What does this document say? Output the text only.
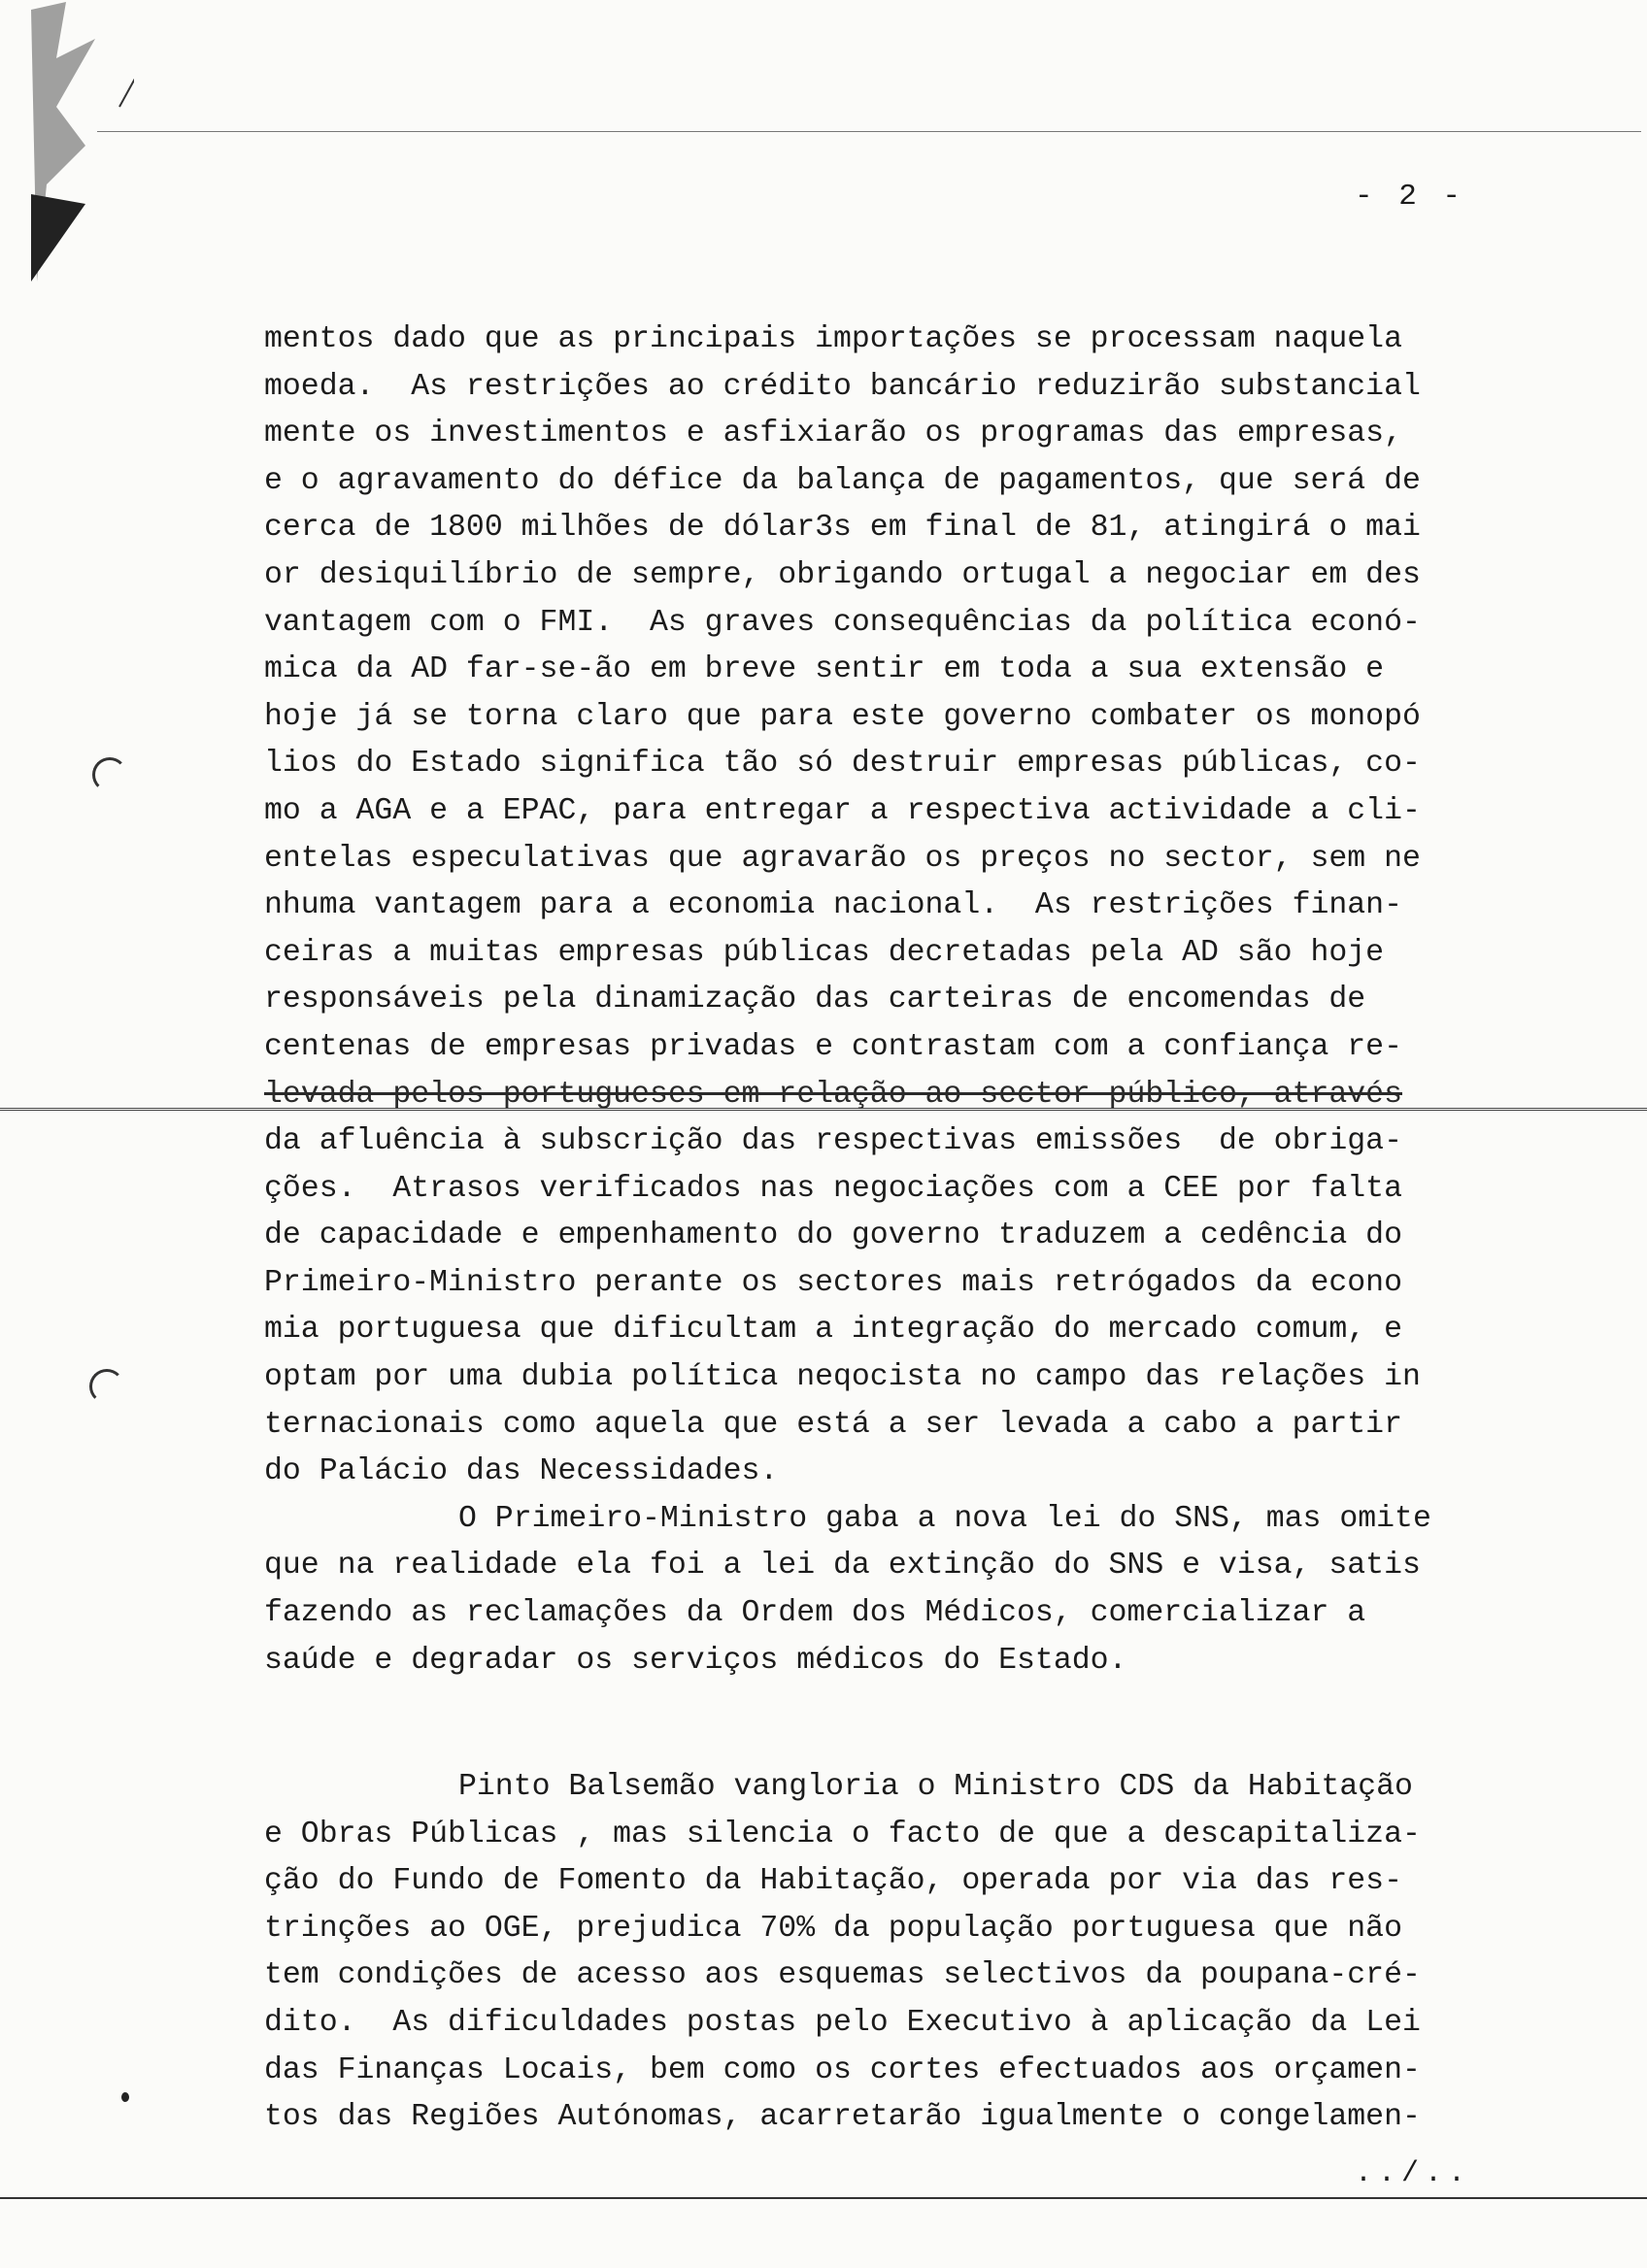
- 2 -
mentos dado que as principais importações se processam naquela
moeda.  As restrições ao crédito bancário reduzirão substancial
mente os investimentos e asfixiarão os programas das empresas,
e o agravamento do défice da balança de pagamentos, que será de
cerca de 1800 milhões de dólar3s em final de 81, atingirá o mai
or desiquilíbrio de sempre, obrigando ortugal a negociar em des
vantagem com o FMI.  As graves consequências da política econó-
mica da AD far-se-ão em breve sentir em toda a sua extensão e
hoje já se torna claro que para este governo combater os monopó
lios do Estado significa tão só destruir empresas públicas, co-
mo a AGA e a EPAC, para entregar a respectiva actividade a cli-
entelas especulativas que agravarão os preços no sector, sem ne
nhuma vantagem para a economia nacional.  As restrições finan-
ceiras a muitas empresas públicas decretadas pela AD são hoje
responsáveis pela dinamização das carteiras de encomendas de
centenas de empresas privadas e contrastam com a confiança re-
levada pelos portugueses em relação ao sector público, através
da afluência à subscrição das respectivas emissões  de obriga-
ções.  Atrasos verificados nas negociações com a CEE por falta
de capacidade e empenhamento do governo traduzem a cedência do
Primeiro-Ministro perante os sectores mais retrógados da econo
mia portuguesa que dificultam a integração do mercado comum, e
optam por uma dubia política neqocista no campo das relações in
ternacionais como aquela que está a ser levada a cabo a partir
do Palácio das Necessidades.
O Primeiro-Ministro gaba a nova lei do SNS, mas omite
que na realidade ela foi a lei da extinção do SNS e visa, satis
fazendo as reclamações da Ordem dos Médicos, comercializar a
saúde e degradar os serviços médicos do Estado.
Pinto Balsemão vangloria o Ministro CDS da Habitação
e Obras Públicas , mas silencia o facto de que a descapitaliza-
ção do Fundo de Fomento da Habitação, operada por via das res-
trinções ao OGE, prejudica 70% da população portuguesa que não
tem condições de acesso aos esquemas selectivos da poupana-cré-
dito.  As dificuldades postas pelo Executivo à aplicação da Lei
das Finanças Locais, bem como os cortes efectuados aos orçamen-
tos das Regiões Autónomas, acarretarão igualmente o congelamen-
../..
